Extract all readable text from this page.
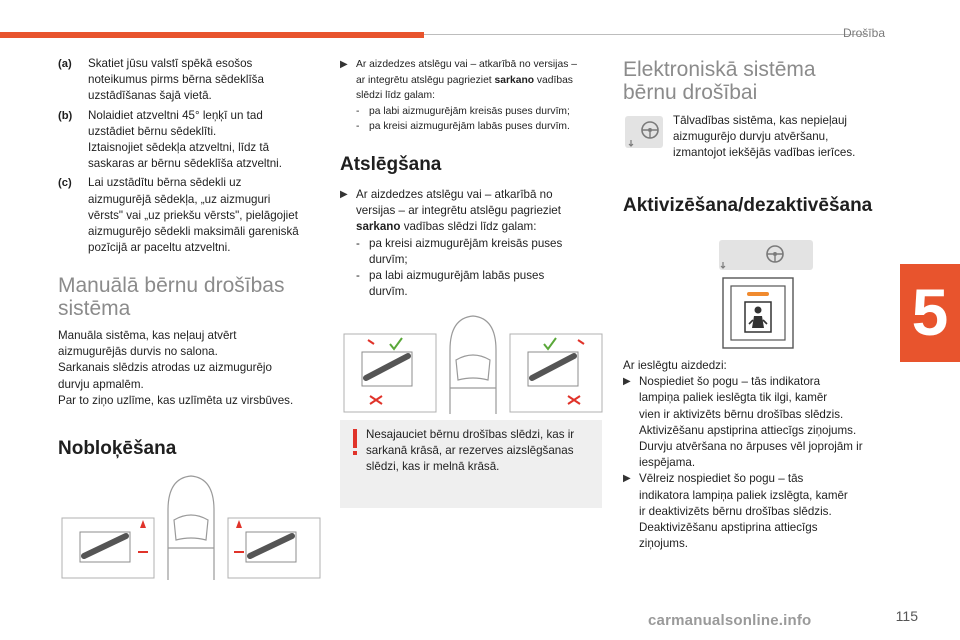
Drošība
5
115
carmanualsonline.info
(a)	Skatiet jūsu valstī spēkā esošos
noteikumus pirms bērna sēdeklīša
uzstādīšanas šajā vietā.
(b)	Nolaidiet atzveltni 45° leņķī un tad
uzstādiet bērnu sēdeklīti.
Iztaisnojiet sēdekļa atzveltni, līdz tā
saskaras ar bērnu sēdeklīša atzveltni.
(c)	Lai uzstādītu bērna sēdekli uz
aizmugurējā sēdekļa, „uz aizmuguri
vērsts" vai „uz priekšu vērsts", pielāgojiet
aizmugurējo sēdekli maksimāli gareniskā
pozīcijā ar paceltu atzveltni.

Manuālā bērnu drošības
sistēma

Manuāla sistēma, kas neļauj atvērt
aizmugurējās durvis no salona.
Sarkanais slēdzis atrodas uz aizmugurējo
durvju apmalēm.
Par to ziņo uzlīme, kas uzlīmēta uz virsbūves.

Nobloķēšana

▶ Ar aizdedzes atslēgu vai – atkarībā no versijas –
ar integrētu atslēgu pagrieziet sarkano vadības
slēdzi līdz galam:
- pa labi aizmugurējām kreisās puses durvīm;
- pa kreisi aizmugurējām labās puses durvīm.

Atslēgšana

▶ Ar aizdedzes atslēgu vai – atkarībā no
versijas – ar integrētu atslēgu pagrieziet
sarkano vadības slēdzi līdz galam:
- pa kreisi aizmugurējām kreisās puses
durvīm;
- pa labi aizmugurējām labās puses
durvīm.
Nesajauciet bērnu drošības slēdzi, kas ir
sarkanā krāsā, ar rezerves aizslēgšanas
slēdzi, kas ir melnā krāsā.

Elektroniskā sistēma
bērnu drošībai

Tālvadības sistēma, kas nepieļauj
aizmugurējo durvju atvēršanu,
izmantojot iekšējās vadības ierīces.

Aktivizēšana/dezaktivēšana

Ar ieslēgtu aizdedzi:

▶ Nospiediet šo pogu – tās indikatora
lampiņa paliek ieslēgta tik ilgi, kamēr
vien ir aktivizēts bērnu drošības slēdzis.
Aktivizēšanu apstiprina attiecīgs ziņojums.
Durvju atvēršana no ārpuses vēl joprojām ir
iespējama.
▶ Vēlreiz nospiediet šo pogu – tās
indikatora lampiņa paliek izslēgta, kamēr
ir deaktivizēts bērnu drošības slēdzis.
Deaktivizēšanu apstiprina attiecīgs
ziņojums.
